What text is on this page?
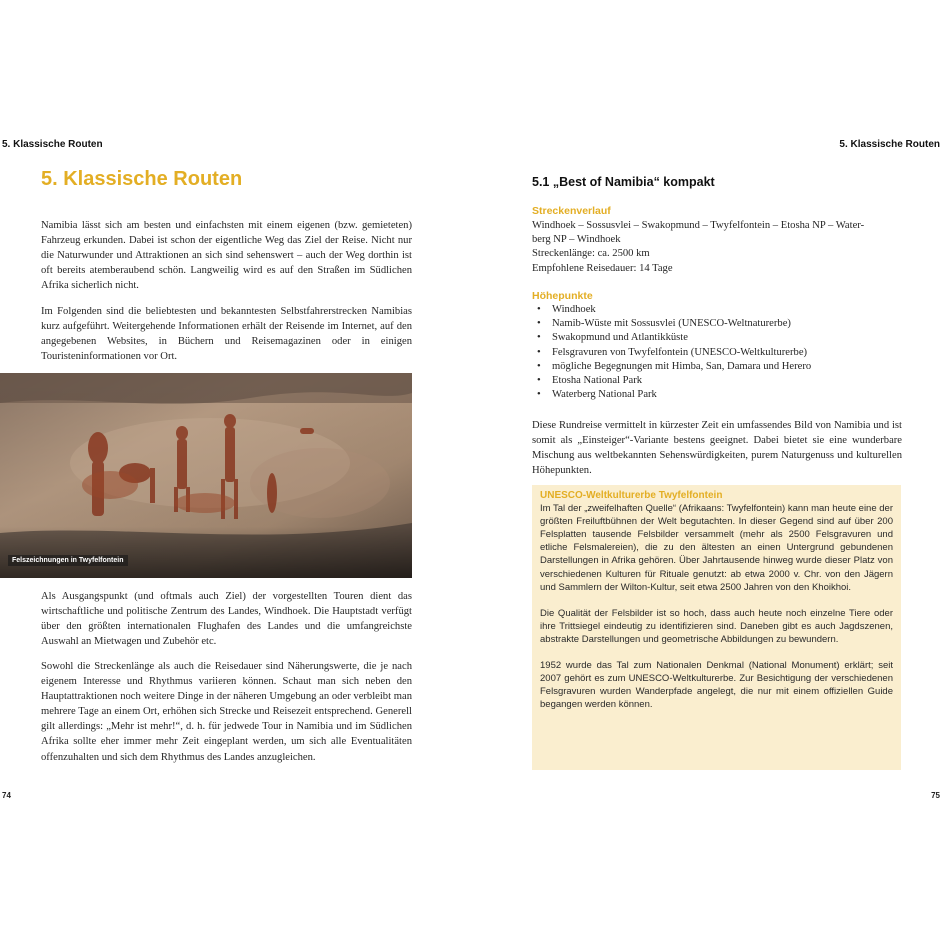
5. Klassische Routen
5. Klassische Routen

Namibia lässt sich am besten und einfachsten mit einem eigenen (bzw. gemieteten) Fahrzeug erkunden. Dabei ist schon der eigentliche Weg das Ziel der Reise. Nicht nur die Naturwunder und Attraktionen an sich sind sehenswert – auch der Weg dorthin ist oft bereits atemberaubend schön. Langweilig wird es auf den Straßen im Südlichen Afrika sicherlich nicht.

Im Folgenden sind die beliebtesten und bekanntesten Selbstfahrerstrecken Namibias kurz aufgeführt. Weitergehende Informationen erhält der Reisende im Internet, auf den angegebenen Websites, in Büchern und Reisemagazinen oder in einigen Touristeninformationen vor Ort.

Felszeichnungen in Twyfelfontein

Als Ausgangspunkt (und oftmals auch Ziel) der vorgestellten Touren dient das wirtschaftliche und politische Zentrum des Landes, Windhoek. Die Hauptstadt verfügt über den größten internationalen Flughafen des Landes und die umfangreichste Auswahl an Mietwagen und Zubehör etc.

Sowohl die Streckenlänge als auch die Reisedauer sind Näherungswerte, die je nach eigenem Interesse und Rhythmus variieren können. Schaut man sich neben den Hauptattraktionen noch weitere Dinge in der näheren Umgebung an oder verbleibt man mehrere Tage an einem Ort, erhöhen sich Strecke und Reisezeit entsprechend. Generell gilt allerdings: „Mehr ist mehr!“, d. h. für jedwede Tour in Namibia und im Südlichen Afrika sollte eher immer mehr Zeit eingeplant werden, um sich alle Eventualitäten offenzuhalten und sich dem Rhythmus des Landes anzugleichen.

74
5. Klassische Routen
5.1 „Best of Namibia“ kompakt
Streckenverlauf
Windhoek – Sossusvlei – Swakopmund – Twyfelfontein – Etosha NP – Water-
berg NP – Windhoek
Streckenlänge: ca. 2500 km
Empfohlene Reisedauer: 14 Tage
Höhepunkte
• Windhoek
• Namib-Wüste mit Sossusvlei (UNESCO-Weltnaturerbe)
• Swakopmund und Atlantikküste
• Felsgravuren von Twyfelfontein (UNESCO-Weltkulturerbe)
• mögliche Begegnungen mit Himba, San, Damara und Herero
• Etosha National Park
• Waterberg National Park

Diese Rundreise vermittelt in kürzester Zeit ein umfassendes Bild von Namibia und ist somit als „Einsteiger“-Variante bestens geeignet. Dabei bietet sie eine wunderbare Mischung aus weltbekannten Sehenswürdigkeiten, purem Naturgenuss und kulturellen Höhepunkten.

UNESCO-Weltkulturerbe Twyfelfontein

Im Tal der „zweifelhaften Quelle“ (Afrikaans: Twyfelfontein) kann man heute eine der größten Freiluftbühnen der Welt begutachten. In dieser Gegend sind auf über 200 Felsplatten tausende Felsbilder versammelt (mehr als 2500 Felsgravuren und etliche Felsmalereien), die zu den ältesten an einen Untergrund gebundenen Darstellungen in Afrika gehören. Über Jahrtausende hinweg wurde dieser Platz von verschiedenen Kulturen für Rituale genutzt: ab etwa 2000 v. Chr. von den Jägern und Sammlern der Wilton-Kultur, seit etwa 2500 Jahren von den Khoikhoi.

Die Qualität der Felsbilder ist so hoch, dass auch heute noch einzelne Tiere oder ihre Trittsiegel eindeutig zu identifizieren sind. Daneben gibt es auch Jagdszenen, abstrakte Darstellungen und geometrische Abbildungen zu bewundern.

1952 wurde das Tal zum Nationalen Denkmal (National Monument) erklärt; seit 2007 gehört es zum UNESCO-Weltkulturerbe. Zur Besichtigung der verschiedenen Felsgravuren wurden Wanderpfade angelegt, die nur mit einem offiziellen Guide begangen werden können.

75
